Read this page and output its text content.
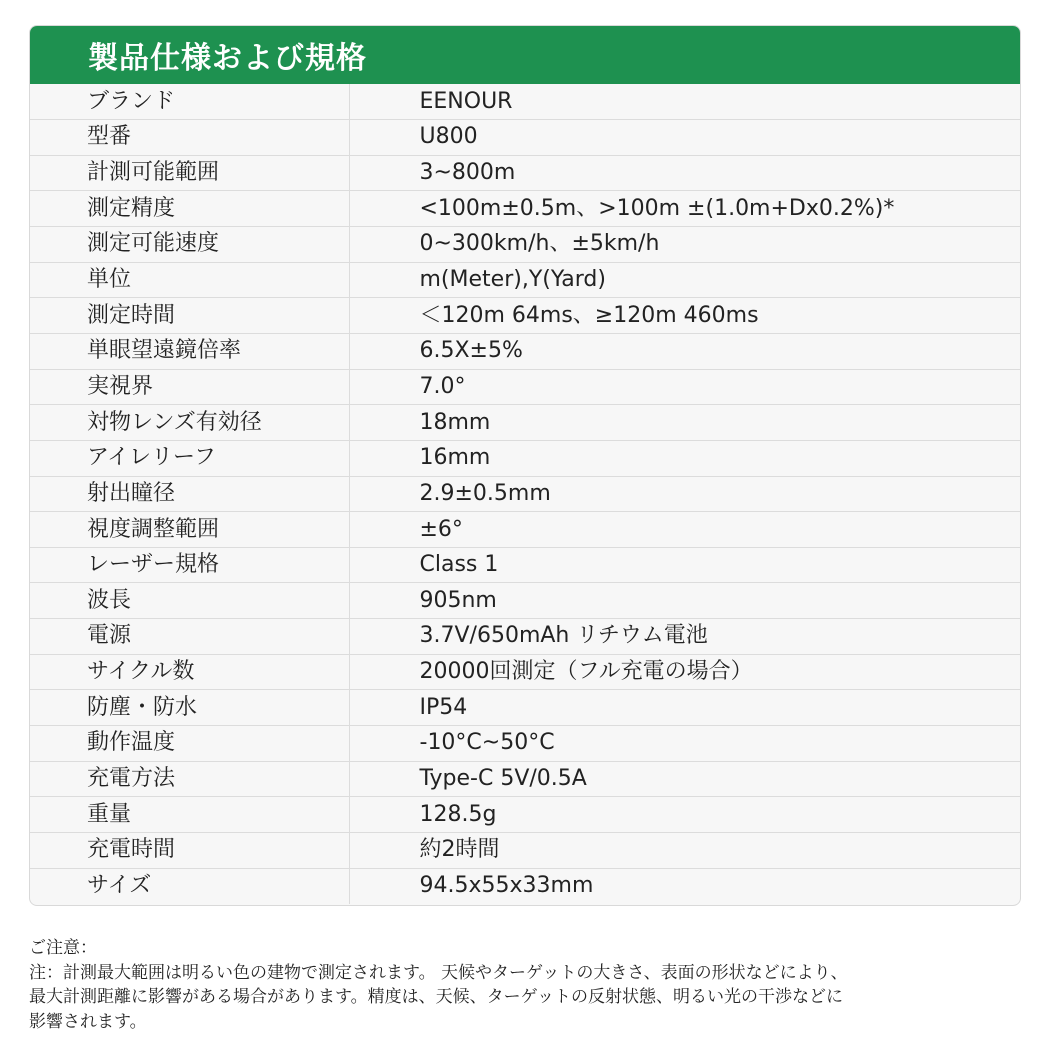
製品仕様および規格
ブランド	EENOUR
型番	U800
計測可能範囲	3~800m
測定精度	<100m±0.5m、>100m ±(1.0m+Dx0.2%)*
測定可能速度	0~300km/h、±5km/h
単位	m(Meter),Y(Yard)
測定時間	＜120m 64ms、≥120m 460ms
単眼望遠鏡倍率	6.5X±5%
実視界	7.0°
対物レンズ有効径	18mm
アイレリーフ	16mm
射出瞳径	2.9±0.5mm
視度調整範囲	±6°
レーザー規格	Class 1
波長	905nm
電源	3.7V/650mAh リチウム電池
サイクル数	20000回測定（フル充電の場合）
防塵・防水	IP54
動作温度	-10°C~50°C
充電方法	Type-C 5V/0.5A
重量	128.5g
充電時間	約2時間
サイズ	94.5x55x33mm

ご注意：

注：計測最大範囲は明るい色の建物で測定されます。 天候やターゲットの大きさ、表面の形状などにより、

最大計測距離に影響がある場合があります。精度は、天候、ターゲットの反射状態、明るい光の干渉などに

影響されます。
